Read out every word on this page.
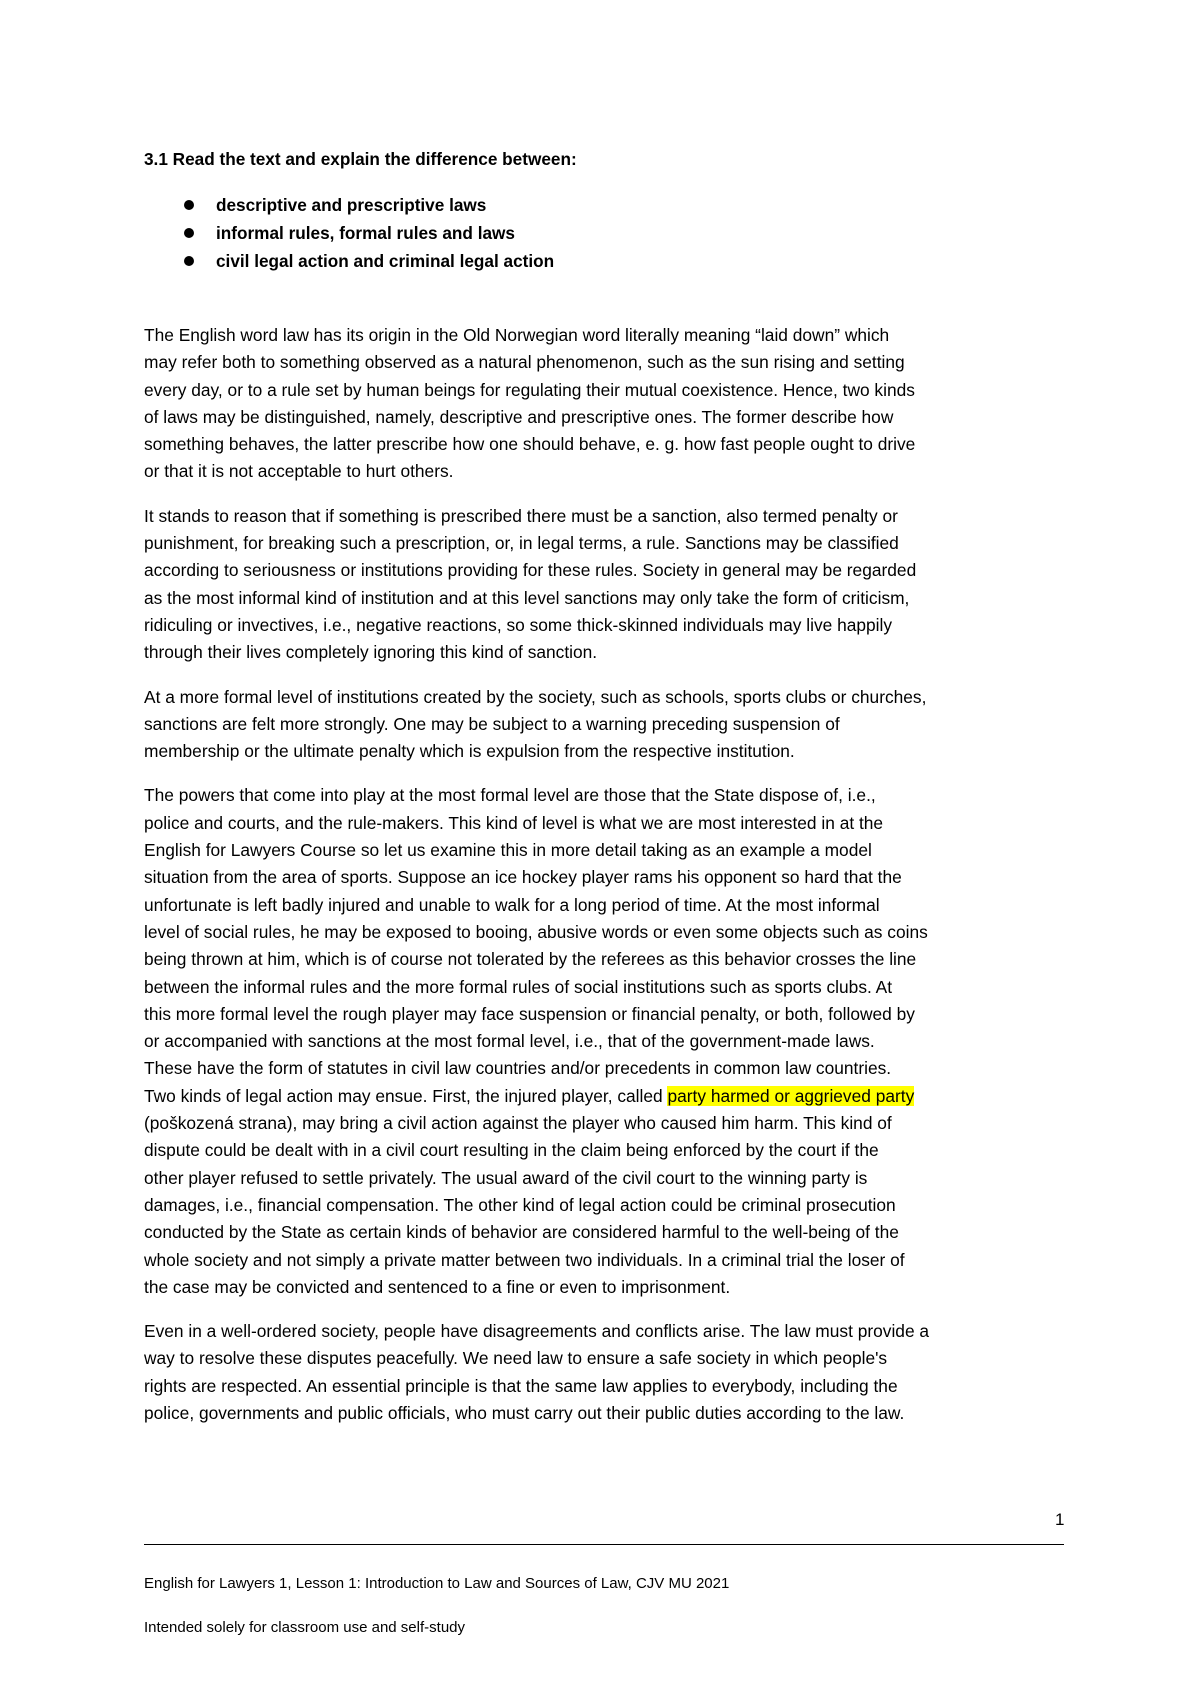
3.1 Read the text and explain the difference between:
descriptive and prescriptive laws
informal rules, formal rules and laws
civil legal action and criminal legal action

The English word law has its origin in the Old Norwegian word literally meaning “laid down” which
may refer both to something observed as a natural phenomenon, such as the sun rising and setting
every day, or to a rule set by human beings for regulating their mutual coexistence. Hence, two kinds
of laws may be distinguished, namely, descriptive and prescriptive ones. The former describe how
something behaves, the latter prescribe how one should behave, e. g. how fast people ought to drive
or that it is not acceptable to hurt others.

It stands to reason that if something is prescribed there must be a sanction, also termed penalty or
punishment, for breaking such a prescription, or, in legal terms, a rule. Sanctions may be classified
according to seriousness or institutions providing for these rules. Society in general may be regarded
as the most informal kind of institution and at this level sanctions may only take the form of criticism,
ridiculing or invectives, i.e., negative reactions, so some thick-skinned individuals may live happily
through their lives completely ignoring this kind of sanction.

At a more formal level of institutions created by the society, such as schools, sports clubs or churches,
sanctions are felt more strongly. One may be subject to a warning preceding suspension of
membership or the ultimate penalty which is expulsion from the respective institution.

The powers that come into play at the most formal level are those that the State dispose of, i.e.,
police and courts, and the rule-makers. This kind of level is what we are most interested in at the
English for Lawyers Course so let us examine this in more detail taking as an example a model
situation from the area of sports. Suppose an ice hockey player rams his opponent so hard that the
unfortunate is left badly injured and unable to walk for a long period of time. At the most informal
level of social rules, he may be exposed to booing, abusive words or even some objects such as coins
being thrown at him, which is of course not tolerated by the referees as this behavior crosses the line
between the informal rules and the more formal rules of social institutions such as sports clubs. At
this more formal level the rough player may face suspension or financial penalty, or both, followed by
or accompanied with sanctions at the most formal level, i.e., that of the government-made laws.
These have the form of statutes in civil law countries and/or precedents in common law countries.
Two kinds of legal action may ensue. First, the injured player, called party harmed or aggrieved party
(poškozená strana), may bring a civil action against the player who caused him harm. This kind of
dispute could be dealt with in a civil court resulting in the claim being enforced by the court if the
other player refused to settle privately. The usual award of the civil court to the winning party is
damages, i.e., financial compensation. The other kind of legal action could be criminal prosecution
conducted by the State as certain kinds of behavior are considered harmful to the well-being of the
whole society and not simply a private matter between two individuals. In a criminal trial the loser of
the case may be convicted and sentenced to a fine or even to imprisonment.

Even in a well-ordered society, people have disagreements and conflicts arise. The law must provide a
way to resolve these disputes peacefully. We need law to ensure a safe society in which people's
rights are respected. An essential principle is that the same law applies to everybody, including the
police, governments and public officials, who must carry out their public duties according to the law.

1
English for Lawyers 1, Lesson 1: Introduction to Law and Sources of Law, CJV MU 2021
Intended solely for classroom use and self-study
